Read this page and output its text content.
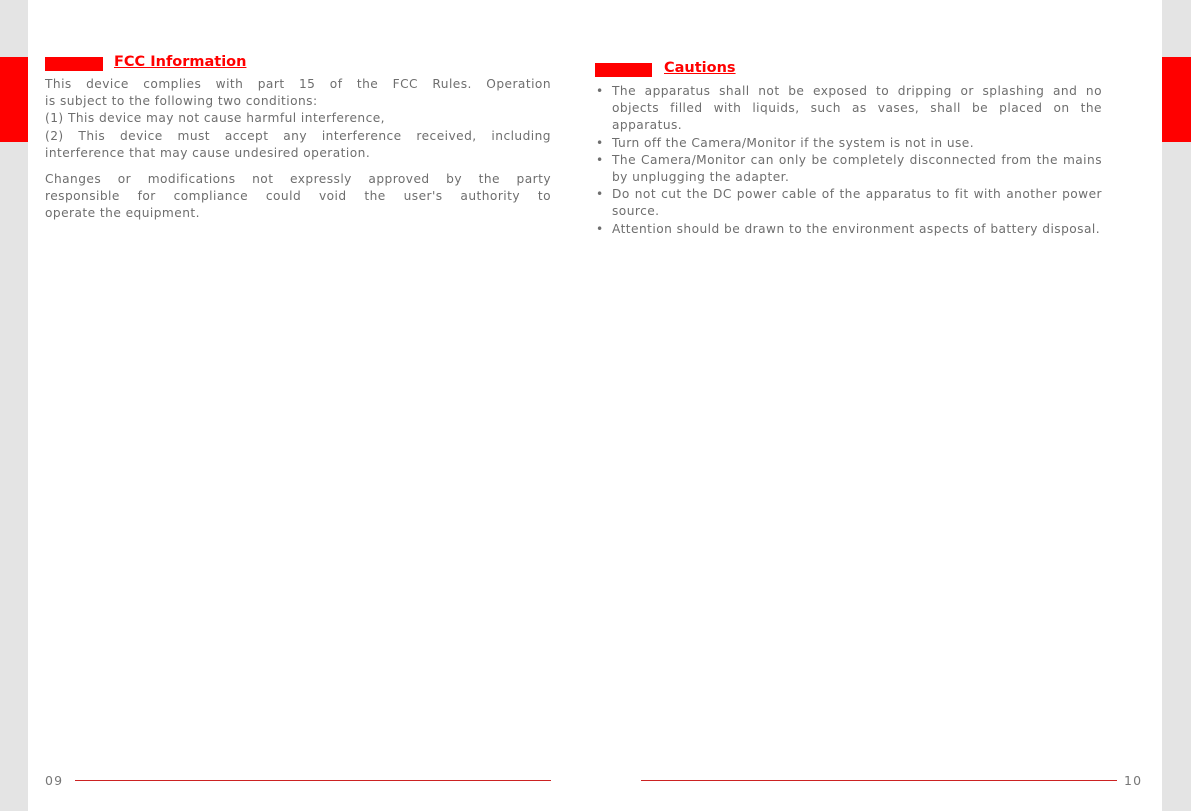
FCC Information
This device complies with part 15 of the FCC Rules. Operation
is subject to the following two conditions:
(1) This device may not cause harmful interference,
(2) This device must accept any interference received, including
interference that may cause undesired operation.
Changes or modifications not expressly approved by the party
responsible for compliance could void the user's authority to
operate the equipment.
Cautions
• The apparatus shall not be exposed to dripping or splashing and no objects filled with liquids, such as vases, shall be placed on the apparatus.
• Turn off the Camera/Monitor if the system is not in use.
• The Camera/Monitor can only be completely disconnected from the mains by unplugging the adapter.
• Do not cut the DC power cable of the apparatus to fit with another power source.
• Attention should be drawn to the environment aspects of battery disposal.
09	10
